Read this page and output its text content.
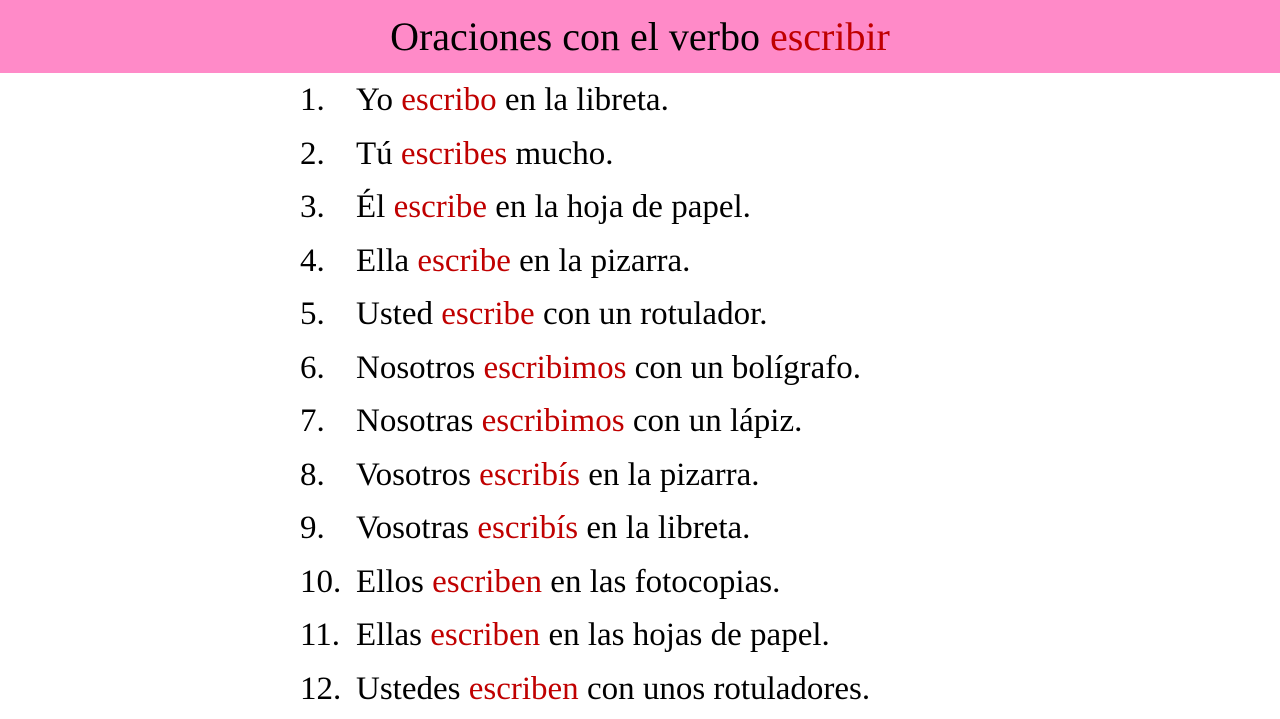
Oraciones con el verbo escribir
1. Yo escribo en la libreta.
2. Tú escribes mucho.
3. Él escribe en la hoja de papel.
4. Ella escribe en la pizarra.
5. Usted escribe con un rotulador.
6. Nosotros escribimos con un bolígrafo.
7. Nosotras escribimos con un lápiz.
8. Vosotros escribís en la pizarra.
9. Vosotras escribís en la libreta.
10. Ellos escriben en las fotocopias.
11. Ellas escriben en las hojas de papel.
12. Ustedes escriben con unos rotuladores.
